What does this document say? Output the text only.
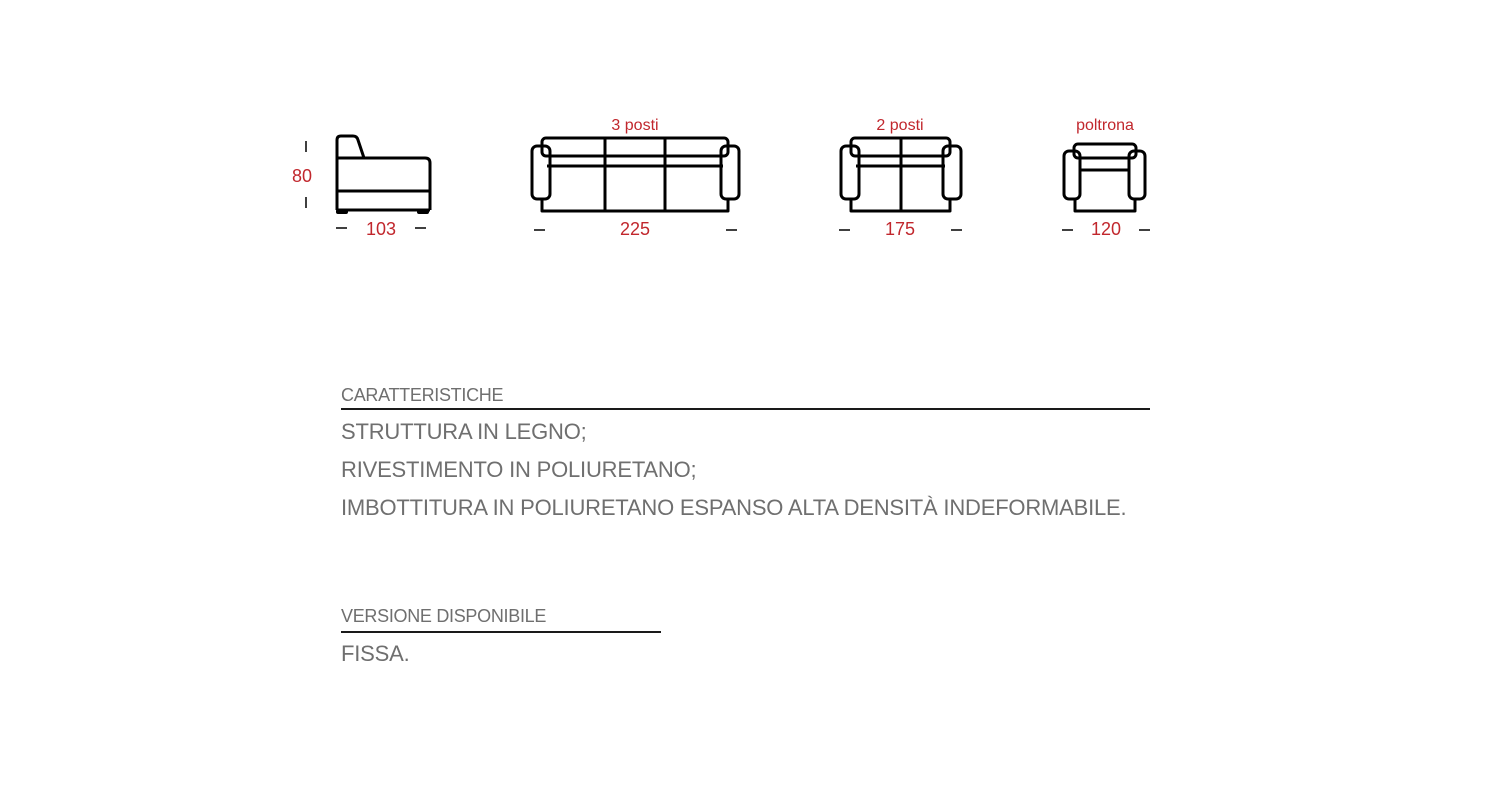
80
103
3 posti
225
2 posti
175
poltrona
120
CARATTERISTICHE

STRUTTURA IN LEGNO;

RIVESTIMENTO IN POLIURETANO;

IMBOTTITURA IN POLIURETANO ESPANSO ALTA DENSITÀ INDEFORMABILE.

VERSIONE DISPONIBILE

FISSA.
